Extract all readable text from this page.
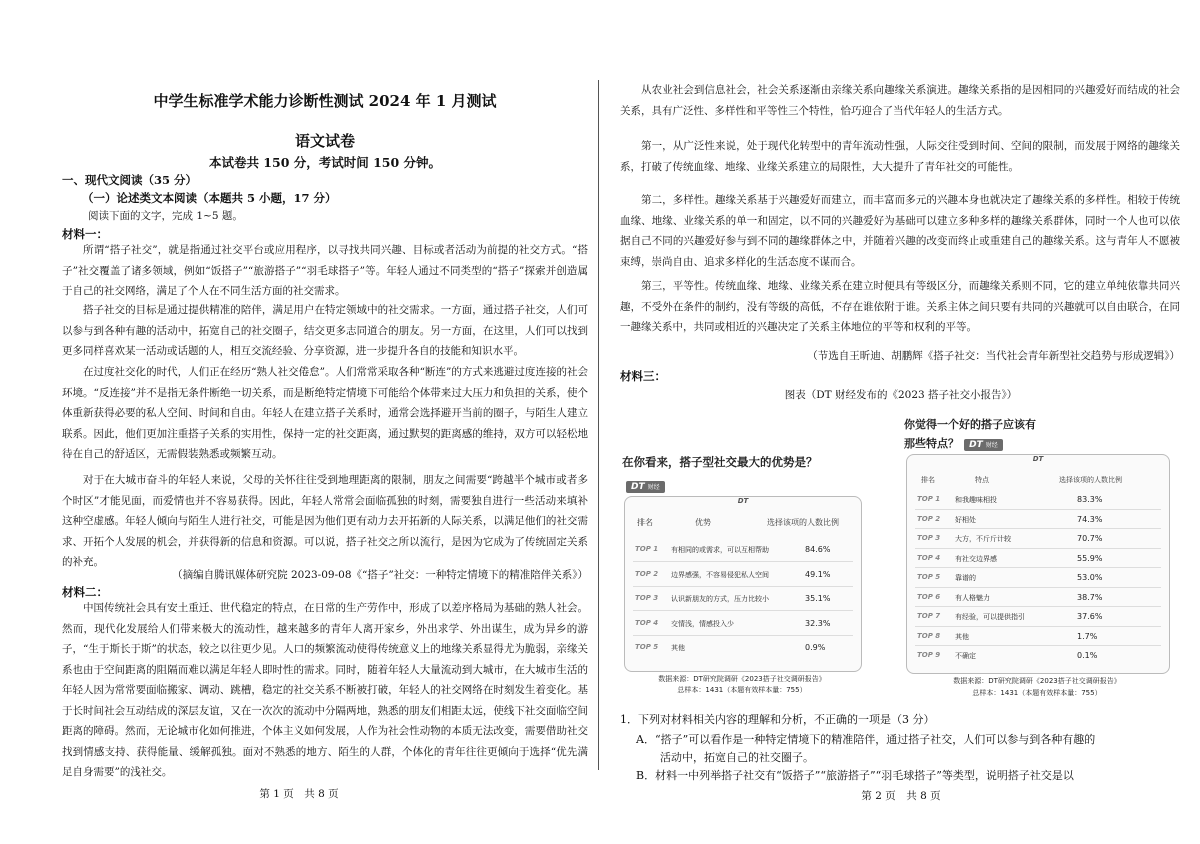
中学生标准学术能力诊断性测试 2024 年 1 月测试
语文试卷
本试卷共 150 分，考试时间 150 分钟。
一、现代文阅读（35 分）
（一）论述类文本阅读（本题共 5 小题，17 分）
阅读下面的文字，完成 1~5 题。
材料一：
所谓“搭子社交”，就是指通过社交平台或应用程序，以寻找共同兴趣、目标或者活动为前提的社交方式。“搭子”社交覆盖了诸多领域，例如“饭搭子”“旅游搭子”“羽毛球搭子”等。年轻人通过不同类型的“搭子”探索并创造属于自己的社交网络，满足了个人在不同生活方面的社交需求。
搭子社交的目标是通过提供精准的陪伴，满足用户在特定领域中的社交需求。一方面，通过搭子社交，人们可以参与到各种有趣的活动中，拓宽自己的社交圈子，结交更多志同道合的朋友。另一方面，在这里，人们可以找到更多同样喜欢某一活动或话题的人，相互交流经验、分享资源，进一步提升各自的技能和知识水平。
在过度社交化的时代，人们正在经历“熟人社交倦怠”。人们常常采取各种“断连”的方式来逃避过度连接的社会环境。“反连接”并不是指无条件断绝一切关系，而是断绝特定情境下可能给个体带来过大压力和负担的关系，使个体重新获得必要的私人空间、时间和自由。年轻人在建立搭子关系时，通常会选择避开当前的圈子，与陌生人建立联系。因此，他们更加注重搭子关系的实用性，保持一定的社交距离，通过默契的距离感的维持，双方可以轻松地待在自己的舒适区，无需假装熟悉或频繁互动。
对于在大城市奋斗的年轻人来说，父母的关怀往往受到地理距离的限制，朋友之间需要“跨越半个城市或者多个时区”才能见面，而爱情也并不容易获得。因此，年轻人常常会面临孤独的时刻，需要独自进行一些活动来填补这种空虚感。年轻人倾向与陌生人进行社交，可能是因为他们更有动力去开拓新的人际关系，以满足他们的社交需求、开拓个人发展的机会，并获得新的信息和资源。可以说，搭子社交之所以流行，是因为它成为了传统固定关系的补充。
（摘编自腾讯媒体研究院 2023-09-08《“搭子”社交：一种特定情境下的精准陪伴关系》）
材料二：
中国传统社会具有安土重迁、世代稳定的特点，在日常的生产劳作中，形成了以差序格局为基础的熟人社会。然而，现代化发展给人们带来极大的流动性，越来越多的青年人离开家乡，外出求学、外出谋生，成为异乡的游子，“生于斯长于斯”的状态，较之以往更少见。人口的频繁流动使得传统意义上的地缘关系显得尤为脆弱，亲缘关系也由于空间距离的阻隔而难以满足年轻人即时性的需求。同时，随着年轻人大量流动到大城市，在大城市生活的年轻人因为常常要面临搬家、调动、跳槽，稳定的社交关系不断被打破，年轻人的社交网络在时刻发生着变化。基于长时间社会互动结成的深层友谊，又在一次次的流动中分隔两地，熟悉的朋友们相距太远，使线下社交面临空间距离的障碍。然而，无论城市化如何推进，个体主义如何发展，人作为社会性动物的本质无法改变，需要借助社交找到情感支持、获得能量、缓解孤独。面对不熟悉的地方、陌生的人群，个体化的青年往往更倾向于选择“优先满足自身需要”的浅社交。
第 1 页　共 8 页
从农业社会到信息社会，社会关系逐渐由亲缘关系向趣缘关系演进。趣缘关系指的是因相同的兴趣爱好而结成的社会关系，具有广泛性、多样性和平等性三个特性，恰巧迎合了当代年轻人的生活方式。
第一，从广泛性来说，处于现代化转型中的青年流动性强，人际交往受到时间、空间的限制，而发展于网络的趣缘关系，打破了传统血缘、地缘、业缘关系建立的局限性，大大提升了青年社交的可能性。
第二，多样性。趣缘关系基于兴趣爱好而建立，而丰富而多元的兴趣本身也就决定了趣缘关系的多样性。相较于传统血缘、地缘、业缘关系的单一和固定，以不同的兴趣爱好为基础可以建立多种多样的趣缘关系群体，同时一个人也可以依据自己不同的兴趣爱好参与到不同的趣缘群体之中，并随着兴趣的改变而终止或重建自己的趣缘关系。这与青年人不愿被束缚，崇尚自由、追求多样化的生活态度不谋而合。
第三，平等性。传统血缘、地缘、业缘关系在建立时便具有等级区分，而趣缘关系则不同，它的建立单纯依靠共同兴趣，不受外在条件的制约，没有等级的高低，不存在谁依附于谁。关系主体之间只要有共同的兴趣就可以自由联合，在同一趣缘关系中，共同或相近的兴趣决定了关系主体地位的平等和权利的平等。
（节选自王昕迪、胡鹏辉《搭子社交：当代社会青年新型社交趋势与形成逻辑》）
材料三：
图表（DT 财经发布的《2023 搭子社交小报告》）
在你看来，搭子型社交最大的优势是？
DT 财经
DT
排名	优势	选择该项的人数比例
TOP 1 有相同的或需求，可以互相帮助	84.6%
TOP 2 边界感强，不容易侵犯私人空间	49.1%
TOP 3 认识新朋友的方式，压力比较小	35.1%
TOP 4 交情浅，情感投入少	32.3%
TOP 5 其他	0.9%
数据来源：DT研究院调研《2023搭子社交调研报告》
总样本：1431（本题有效样本量：755）
你觉得一个好的搭子应该有
那些特点？ DT 财经
DT
排名	特点	选择该项的人数比例
TOP 1 和我趣味相投	83.3%
TOP 2 好相处	74.3%
TOP 3 大方，不斤斤计较	70.7%
TOP 4 有社交边界感	55.9%
TOP 5 靠谱的	53.0%
TOP 6 有人格魅力	38.7%
TOP 7 有经验，可以提供指引	37.6%
TOP 8 其他	1.7%
TOP 9 不确定	0.1%
数据来源：DT研究院调研《2023搭子社交调研报告》
总样本：1431（本题有效样本量：755）
1．下列对材料相关内容的理解和分析，不正确的一项是（3 分）
A．“搭子”可以看作是一种特定情境下的精准陪伴，通过搭子社交，人们可以参与到各种有趣的
活动中，拓宽自己的社交圈子。
B．材料一中列举搭子社交有“饭搭子”“旅游搭子”“羽毛球搭子”等类型，说明搭子社交是以
第 2 页　共 8 页
